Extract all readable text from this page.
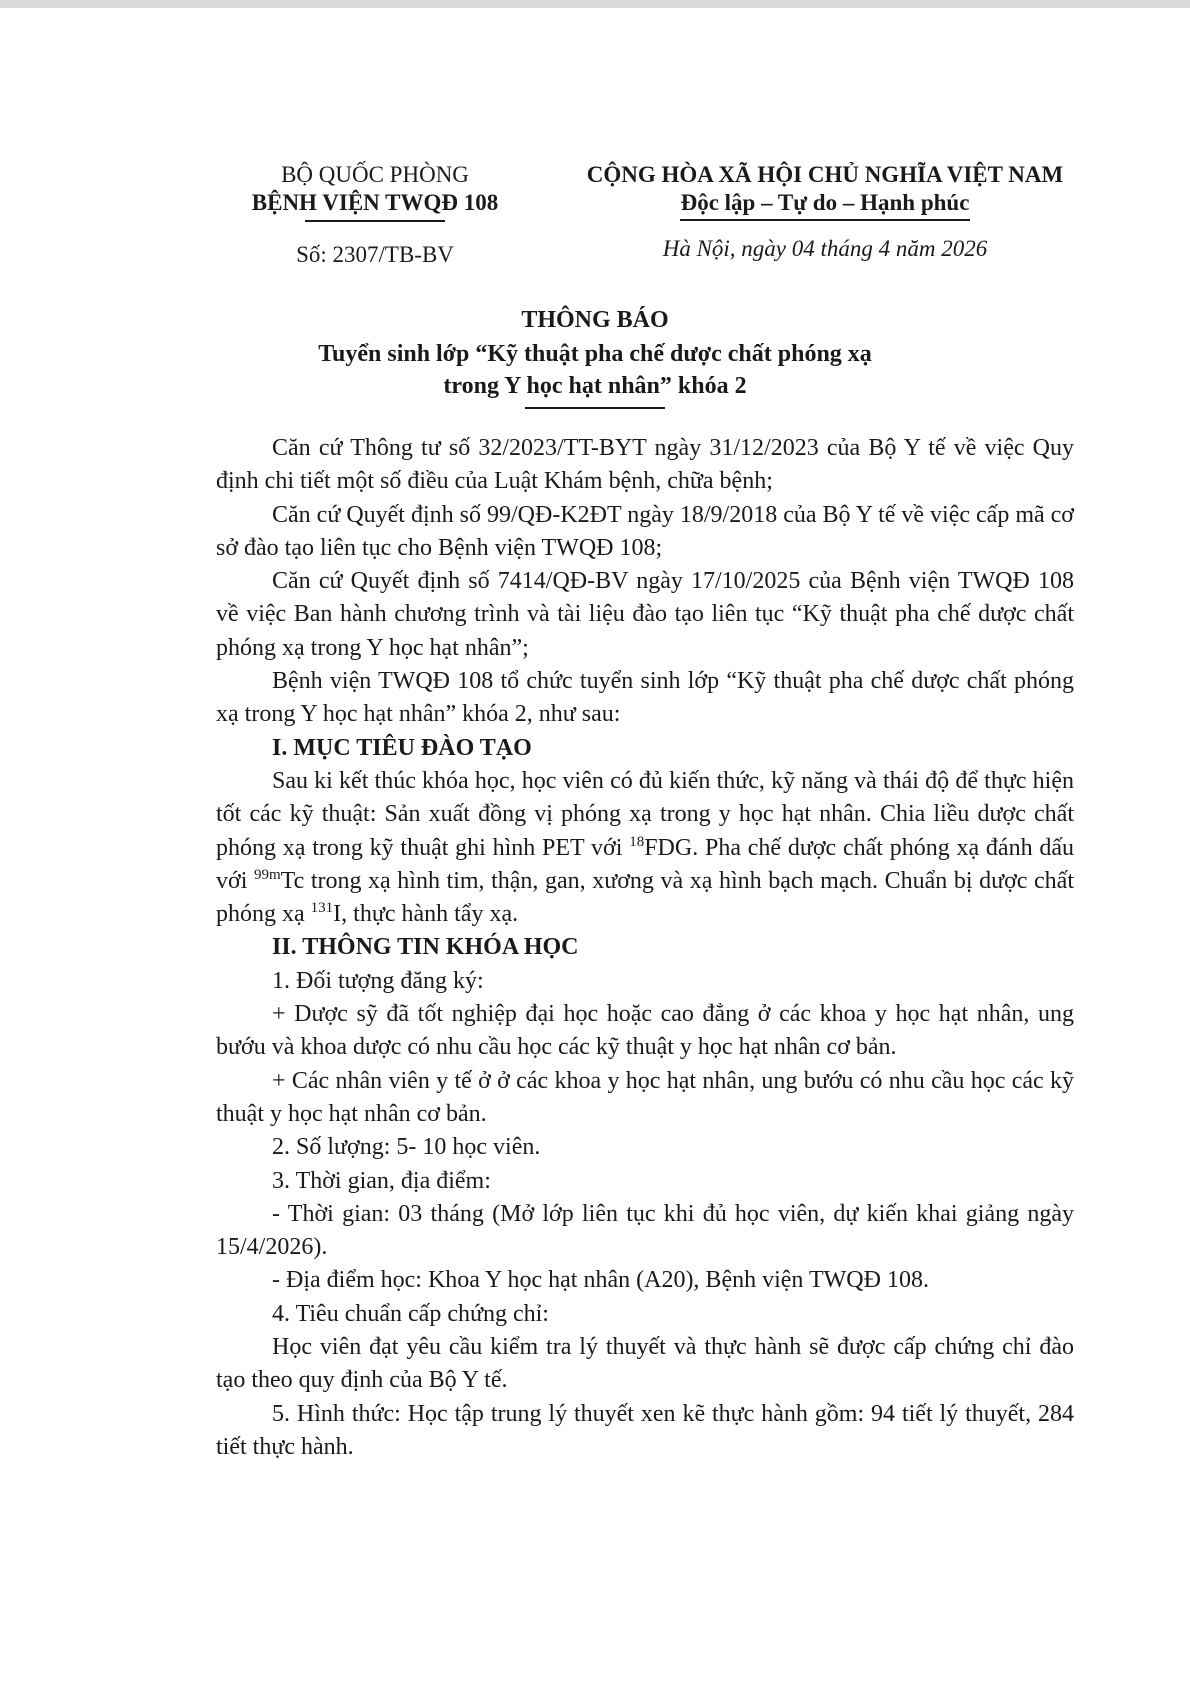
BỘ QUỐC PHÒNG
BỆNH VIỆN TWQĐ 108
Số: 2307/TB-BV
CỘNG HÒA XÃ HỘI CHỦ NGHĨA VIỆT NAM
Độc lập – Tự do – Hạnh phúc
Hà Nội, ngày 04 tháng 4 năm 2026
THÔNG BÁO
Tuyển sinh lớp “Kỹ thuật pha chế dược chất phóng xạ
trong Y học hạt nhân” khóa 2

Căn cứ Thông tư số 32/2023/TT-BYT ngày 31/12/2023 của Bộ Y tế về việc Quy định chi tiết một số điều của Luật Khám bệnh, chữa bệnh;

Căn cứ Quyết định số 99/QĐ-K2ĐT ngày 18/9/2018 của Bộ Y tế về việc cấp mã cơ sở đào tạo liên tục cho Bệnh viện TWQĐ 108;

Căn cứ Quyết định số 7414/QĐ-BV ngày 17/10/2025 của Bệnh viện TWQĐ 108 về việc Ban hành chương trình và tài liệu đào tạo liên tục “Kỹ thuật pha chế dược chất phóng xạ trong Y học hạt nhân”;

Bệnh viện TWQĐ 108 tổ chức tuyển sinh lớp “Kỹ thuật pha chế dược chất phóng xạ trong Y học hạt nhân” khóa 2, như sau:

I. MỤC TIÊU ĐÀO TẠO

Sau ki kết thúc khóa học, học viên có đủ kiến thức, kỹ năng và thái độ để thực hiện tốt các kỹ thuật: Sản xuất đồng vị phóng xạ trong y học hạt nhân. Chia liều dược chất phóng xạ trong kỹ thuật ghi hình PET với $^{18}$FDG. Pha chế dược chất phóng xạ đánh dấu với $^{99m}$Tc trong xạ hình tim, thận, gan, xương và xạ hình bạch mạch. Chuẩn bị dược chất phóng xạ $^{131}$I, thực hành tẩy xạ.

II. THÔNG TIN KHÓA HỌC

1. Đối tượng đăng ký:

+ Dược sỹ đã tốt nghiệp đại học hoặc cao đẳng ở các khoa y học hạt nhân, ung bướu và khoa dược có nhu cầu học các kỹ thuật y học hạt nhân cơ bản.

+ Các nhân viên y tế ở ở các khoa y học hạt nhân, ung bướu có nhu cầu học các kỹ thuật y học hạt nhân cơ bản.

2. Số lượng: 5- 10 học viên.

3. Thời gian, địa điểm:

- Thời gian: 03 tháng (Mở lớp liên tục khi đủ học viên, dự kiến khai giảng ngày 15/4/2026).

- Địa điểm học: Khoa Y học hạt nhân (A20), Bệnh viện TWQĐ 108.

4. Tiêu chuẩn cấp chứng chỉ:

Học viên đạt yêu cầu kiểm tra lý thuyết và thực hành sẽ được cấp chứng chỉ đào tạo theo quy định của Bộ Y tế.

5. Hình thức: Học tập trung lý thuyết xen kẽ thực hành gồm: 94 tiết lý thuyết, 284 tiết thực hành.
